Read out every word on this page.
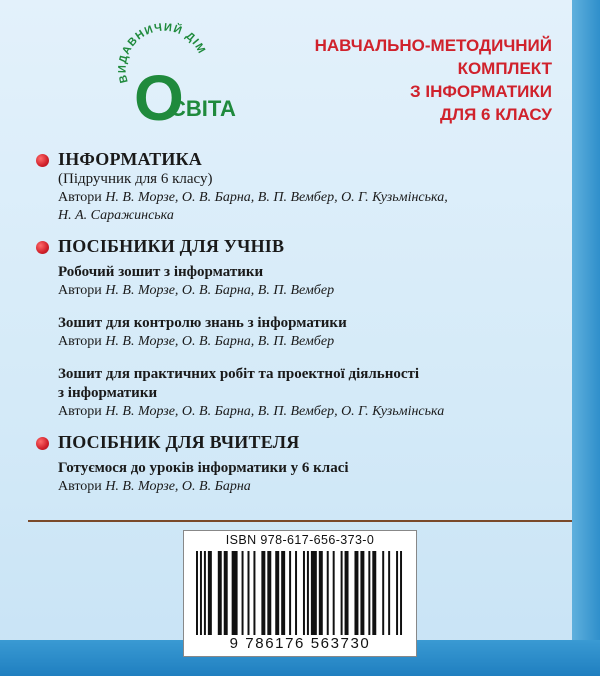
ВИДАВНИЧИЙ ДІМ
О
СВІТА
НАВЧАЛЬНО-МЕТОДИЧНИЙ
КОМПЛЕКТ
З ІНФОРМАТИКИ
ДЛЯ 6 КЛАСУ
ІНФОРМАТИКА
(Підручник для 6 класу)
Автори Н. В. Морзе, О. В. Барна, В. П. Вембер, О. Г. Кузьмінська,
Н. А. Саражинська
ПОСІБНИКИ ДЛЯ УЧНІВ
Робочий зошит з інформатики
Автори Н. В. Морзе, О. В. Барна, В. П. Вембер
Зошит для контролю знань з інформатики
Автори Н. В. Морзе, О. В. Барна, В. П. Вембер
Зошит для практичних робіт та проектної діяльності
з інформатики
Автори Н. В. Морзе, О. В. Барна, В. П. Вембер, О. Г. Кузьмінська
ПОСІБНИК ДЛЯ ВЧИТЕЛЯ
Готуємося до уроків інформатики у 6 класі
Автори Н. В. Морзе, О. В. Барна
ISBN 978-617-656-373-0
9 786176 563730
